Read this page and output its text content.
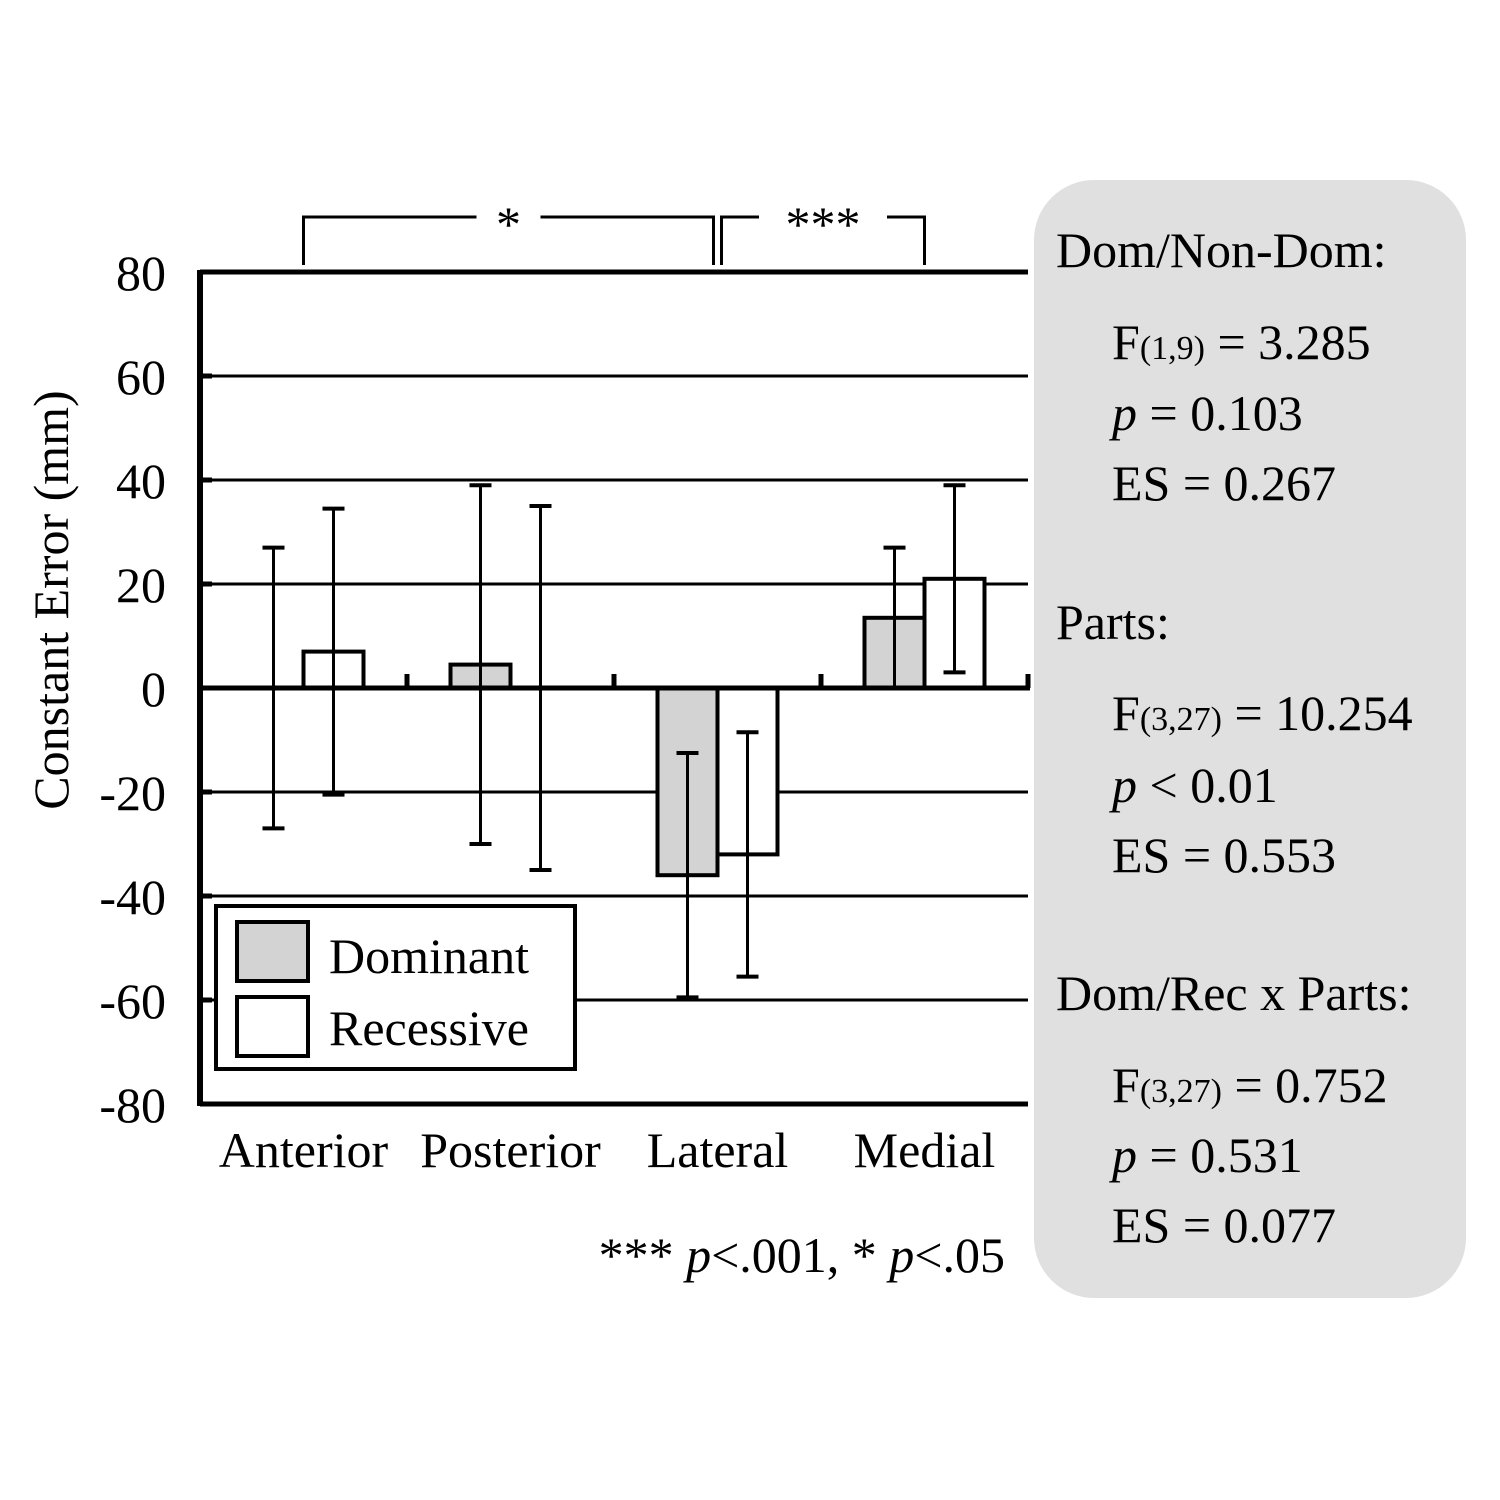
80
60
40
20
0
-20
-40
-60
-80
Anterior Posterior Lateral Medial
*	***
Constant Error (mm)
Dominant
Recessive
*** p<.001, * p<.05
Dom/Non-Dom:
F(1,9) = 3.285
p = 0.103
ES = 0.267
Parts:
F(3,27) = 10.254
p < 0.01
ES = 0.553
Dom/Rec x Parts:
F(3,27) = 0.752
p = 0.531
ES = 0.077
